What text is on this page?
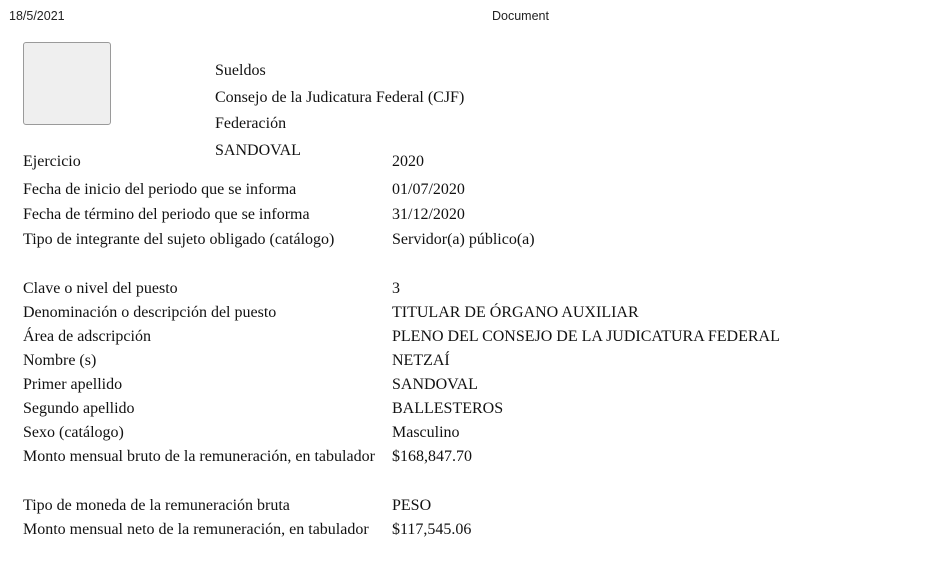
18/5/2021	Document
Sueldos
Consejo de la Judicatura Federal (CJF)
Federación
SANDOVAL
Ejercicio	2020
Fecha de inicio del periodo que se informa	01/07/2020
Fecha de término del periodo que se informa	31/12/2020
Tipo de integrante del sujeto obligado (catálogo)	Servidor(a) público(a)
Clave o nivel del puesto	3
Denominación o descripción del puesto	TITULAR DE ÓRGANO AUXILIAR
Área de adscripción	PLENO DEL CONSEJO DE LA JUDICATURA FEDERAL
Nombre (s)	NETZAÍ
Primer apellido	SANDOVAL
Segundo apellido	BALLESTEROS
Sexo (catálogo)	Masculino
Monto mensual bruto de la remuneración, en tabulador	$168,847.70
Tipo de moneda de la remuneración bruta	PESO
Monto mensual neto de la remuneración, en tabulador	$117,545.06
